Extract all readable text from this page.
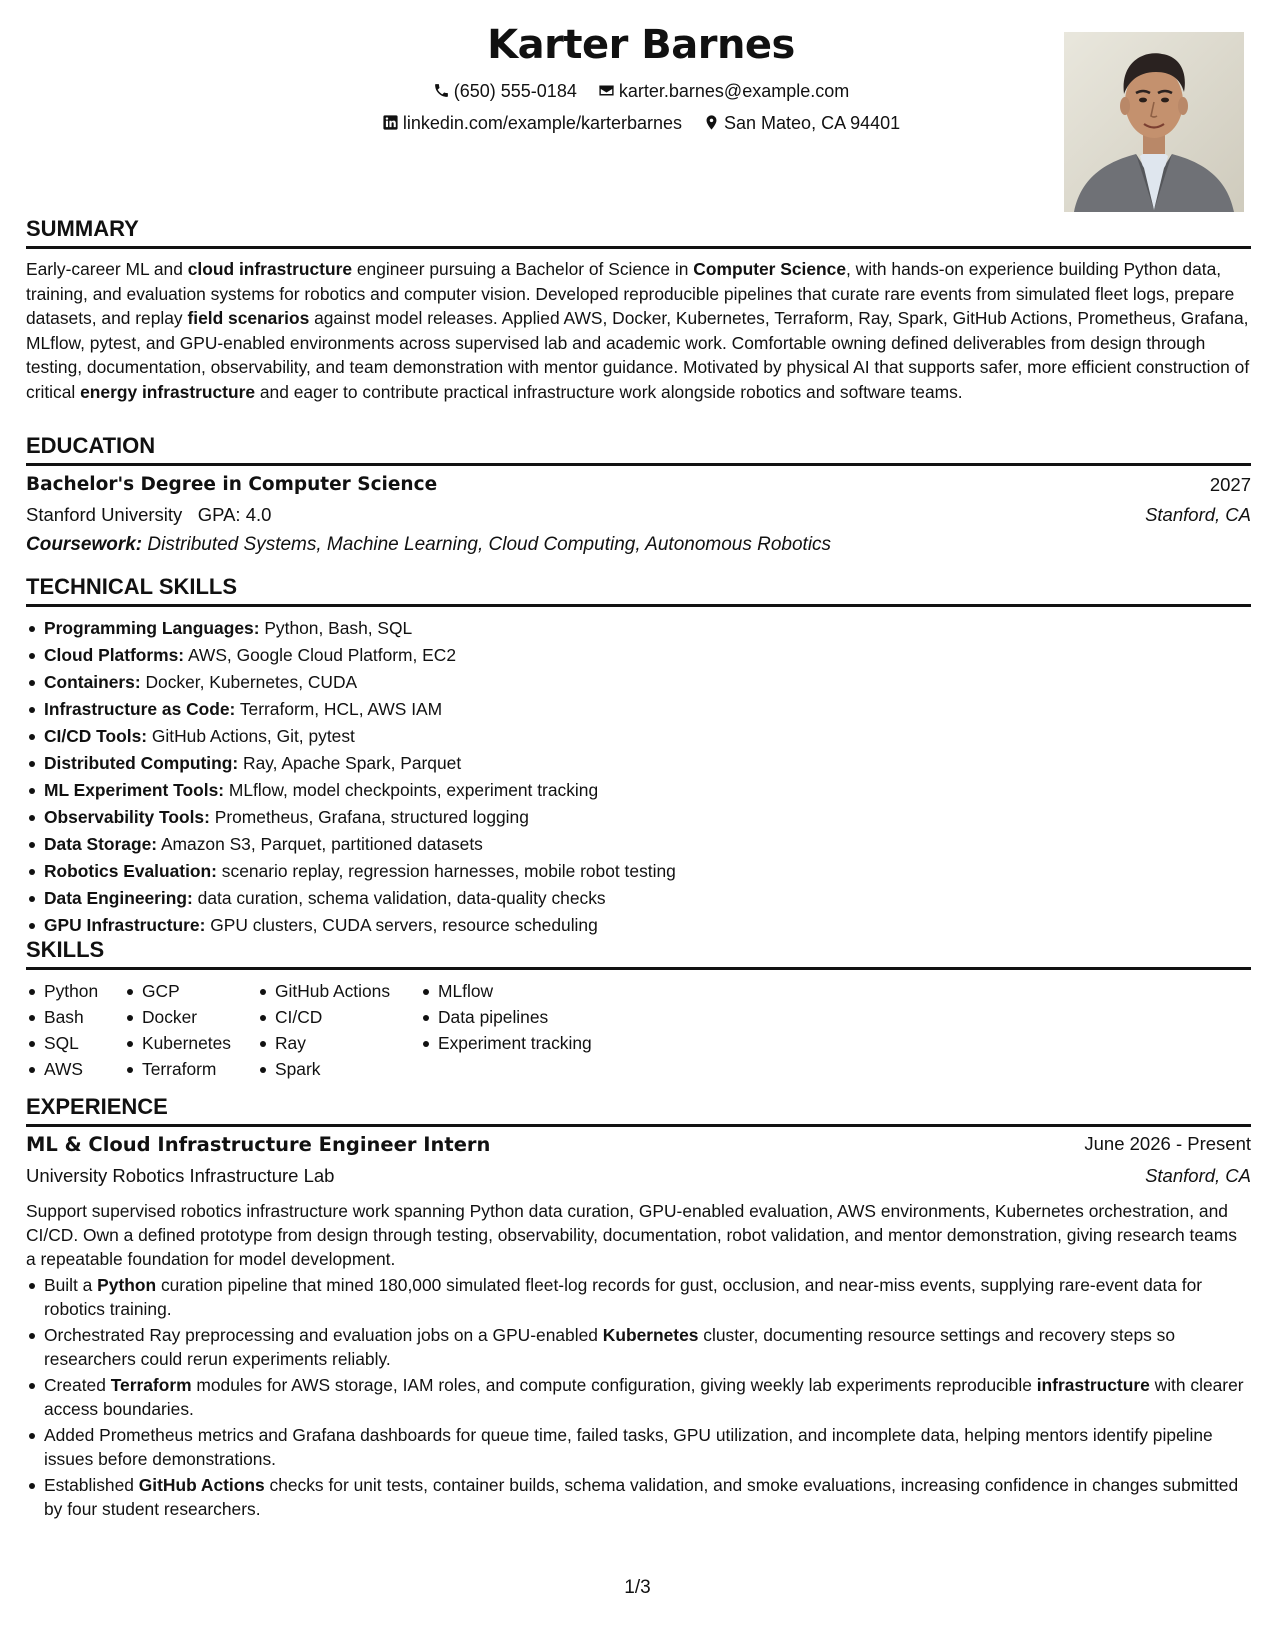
Karter Barnes
(650) 555-0184 karter.barnes@example.com
linkedin.com/example/karterbarnes San Mateo, CA 94401
SUMMARY

Early-career ML and cloud infrastructure engineer pursuing a Bachelor of Science in Computer Science, with hands-on experience building Python data, training, and evaluation systems for robotics and computer vision. Developed reproducible pipelines that curate rare events from simulated fleet logs, prepare datasets, and replay field scenarios against model releases. Applied AWS, Docker, Kubernetes, Terraform, Ray, Spark, GitHub Actions, Prometheus, Grafana, MLflow, pytest, and GPU-enabled environments across supervised lab and academic work. Comfortable owning defined deliverables from design through testing, documentation, observability, and team demonstration with mentor guidance. Motivated by physical AI that supports safer, more efficient construction of critical energy infrastructure and eager to contribute practical infrastructure work alongside robotics and software teams.

EDUCATION
Bachelor's Degree in Computer Science	2027
Stanford University GPA: 4.0	Stanford, CA
Coursework: Distributed Systems, Machine Learning, Cloud Computing, Autonomous Robotics
TECHNICAL SKILLS
Programming Languages: Python, Bash, SQL
Cloud Platforms: AWS, Google Cloud Platform, EC2
Containers: Docker, Kubernetes, CUDA
Infrastructure as Code: Terraform, HCL, AWS IAM
CI/CD Tools: GitHub Actions, Git, pytest
Distributed Computing: Ray, Apache Spark, Parquet
ML Experiment Tools: MLflow, model checkpoints, experiment tracking
Observability Tools: Prometheus, Grafana, structured logging
Data Storage: Amazon S3, Parquet, partitioned datasets
Robotics Evaluation: scenario replay, regression harnesses, mobile robot testing
Data Engineering: data curation, schema validation, data-quality checks
GPU Infrastructure: GPU clusters, CUDA servers, resource scheduling
SKILLS
Python
Bash
SQL
AWS
GCP
Docker
Kubernetes
Terraform
GitHub Actions
CI/CD
Ray
Spark
MLflow
Data pipelines
Experiment tracking
EXPERIENCE
ML & Cloud Infrastructure Engineer Intern	June 2026 - Present
University Robotics Infrastructure Lab	Stanford, CA

Support supervised robotics infrastructure work spanning Python data curation, GPU-enabled evaluation, AWS environments, Kubernetes orchestration, and CI/CD. Own a defined prototype from design through testing, observability, documentation, robot validation, and mentor demonstration, giving research teams a repeatable foundation for model development.

Built a Python curation pipeline that mined 180,000 simulated fleet-log records for gust, occlusion, and near-miss events, supplying rare-event data for robotics training.
Orchestrated Ray preprocessing and evaluation jobs on a GPU-enabled Kubernetes cluster, documenting resource settings and recovery steps so researchers could rerun experiments reliably.
Created Terraform modules for AWS storage, IAM roles, and compute configuration, giving weekly lab experiments reproducible infrastructure with clearer access boundaries.
Added Prometheus metrics and Grafana dashboards for queue time, failed tasks, GPU utilization, and incomplete data, helping mentors identify pipeline issues before demonstrations.
Established GitHub Actions checks for unit tests, container builds, schema validation, and smoke evaluations, increasing confidence in changes submitted by four student researchers.
1/3
